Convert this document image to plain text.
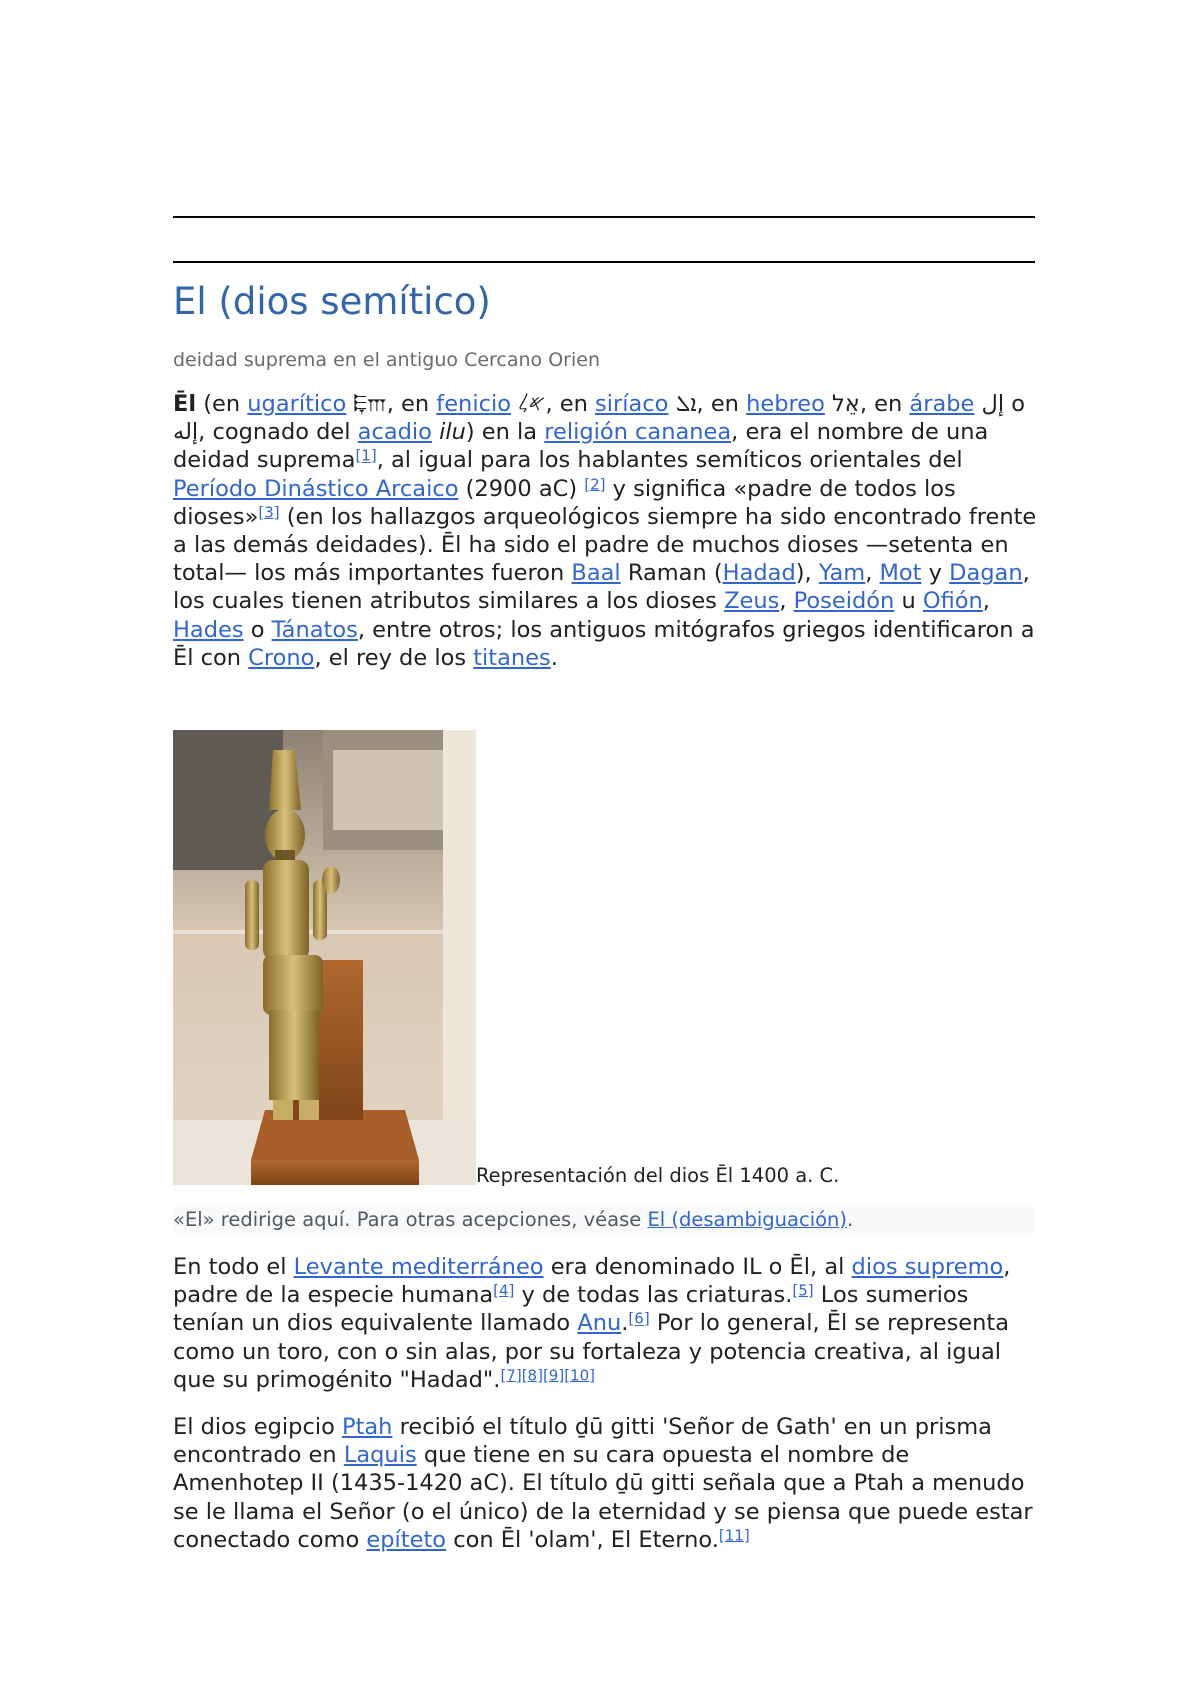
El (dios semítico)
deidad suprema en el antiguo Cercano Orien

Ēl (en ugarítico 𐎛𐎍, en fenicio 𐤀𐤋, en siríaco ܐܠ, en hebreo אֵל, en árabe إل o إله, cognado del acadio ilu) en la religión cananea, era el nombre de una deidad suprema[1], al igual para los hablantes semíticos orientales del Período Dinástico Arcaico (2900 aC) [2] y significa «padre de todos los dioses»[3] (en los hallazgos arqueológicos siempre ha sido encontrado frente a las demás deidades). Ēl ha sido el padre de muchos dioses —setenta en total— los más importantes fueron Baal Raman (Hadad), Yam, Mot y Dagan, los cuales tienen atributos similares a los dioses Zeus, Poseidón u Ofión, Hades o Tánatos, entre otros; los antiguos mitógrafos griegos identificaron a Ēl con Crono, el rey de los titanes.

Representación del dios Ēl 1400 a. C.
«El» redirige aquí. Para otras acepciones, véase El (desambiguación).

En todo el Levante mediterráneo era denominado IL o Ēl, al dios supremo, padre de la especie humana[4] y de todas las criaturas.[5] Los sumerios tenían un dios equivalente llamado Anu.[6] Por lo general, Ēl se representa como un toro, con o sin alas, por su fortaleza y potencia creativa, al igual que su primogénito "Hadad".[7][8][9][10]

El dios egipcio Ptah recibió el título ḏū gitti 'Señor de Gath' en un prisma encontrado en Laquis que tiene en su cara opuesta el nombre de Amenhotep II (1435-1420 aC). El título ḏū gitti señala que a Ptah a menudo se le llama el Señor (o el único) de la eternidad y se piensa que puede estar conectado como epíteto con Ēl 'olam', El Eterno.[11]
